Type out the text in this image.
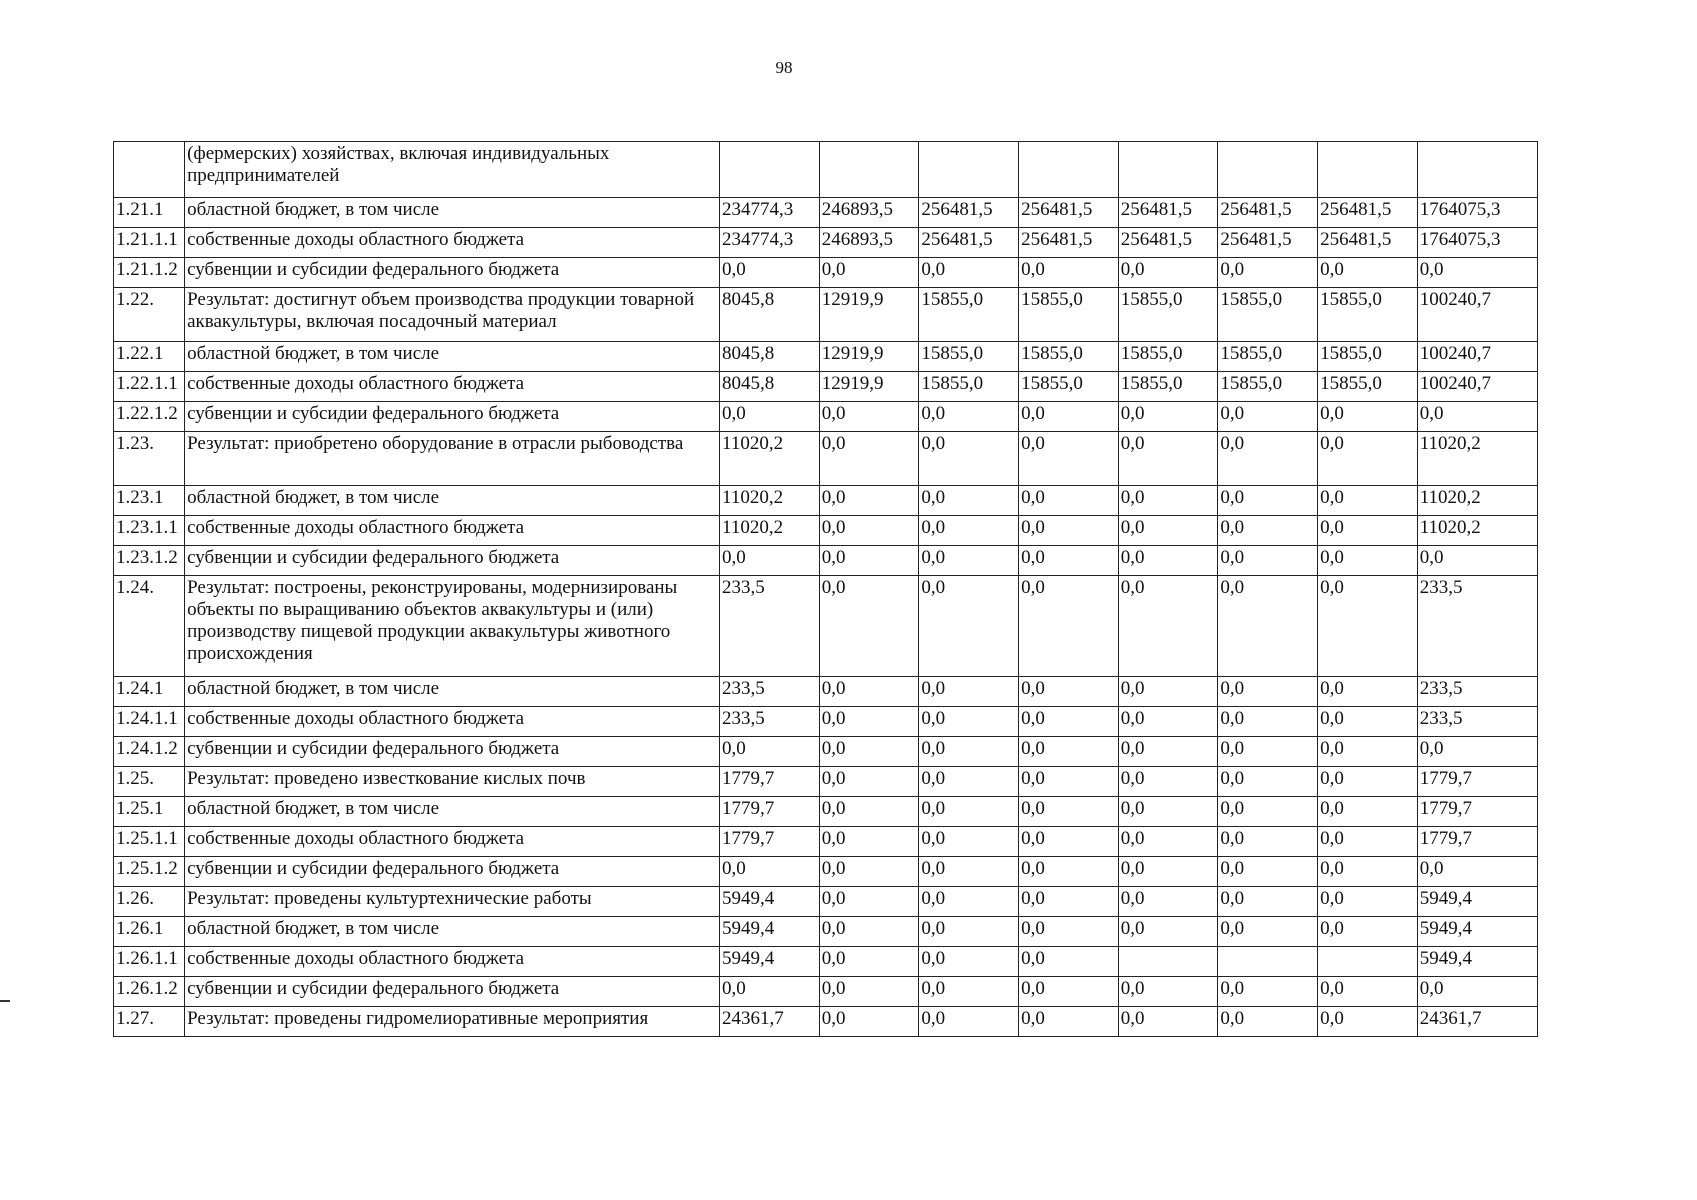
98
	(фермерских) хозяйствах, включая индивидуальных предпринимателей								
1.21.1	областной бюджет, в том числе	234774,3	246893,5	256481,5	256481,5	256481,5	256481,5	256481,5	1764075,3
1.21.1.1	собственные доходы областного бюджета	234774,3	246893,5	256481,5	256481,5	256481,5	256481,5	256481,5	1764075,3
1.21.1.2	субвенции и субсидии федерального бюджета	0,0	0,0	0,0	0,0	0,0	0,0	0,0	0,0
1.22.	Результат: достигнут объем производства продукции товарной аквакультуры, включая посадочный материал	8045,8	12919,9	15855,0	15855,0	15855,0	15855,0	15855,0	100240,7
1.22.1	областной бюджет, в том числе	8045,8	12919,9	15855,0	15855,0	15855,0	15855,0	15855,0	100240,7
1.22.1.1	собственные доходы областного бюджета	8045,8	12919,9	15855,0	15855,0	15855,0	15855,0	15855,0	100240,7
1.22.1.2	субвенции и субсидии федерального бюджета	0,0	0,0	0,0	0,0	0,0	0,0	0,0	0,0
1.23.	Результат: приобретено оборудование в отрасли рыбоводства	11020,2	0,0	0,0	0,0	0,0	0,0	0,0	11020,2
1.23.1	областной бюджет, в том числе	11020,2	0,0	0,0	0,0	0,0	0,0	0,0	11020,2
1.23.1.1	собственные доходы областного бюджета	11020,2	0,0	0,0	0,0	0,0	0,0	0,0	11020,2
1.23.1.2	субвенции и субсидии федерального бюджета	0,0	0,0	0,0	0,0	0,0	0,0	0,0	0,0
1.24.	Результат: построены, реконструированы, модернизированы объекты по выращиванию объектов аквакультуры и (или) производству пищевой продукции аквакультуры животного происхождения	233,5	0,0	0,0	0,0	0,0	0,0	0,0	233,5
1.24.1	областной бюджет, в том числе	233,5	0,0	0,0	0,0	0,0	0,0	0,0	233,5
1.24.1.1	собственные доходы областного бюджета	233,5	0,0	0,0	0,0	0,0	0,0	0,0	233,5
1.24.1.2	субвенции и субсидии федерального бюджета	0,0	0,0	0,0	0,0	0,0	0,0	0,0	0,0
1.25.	Результат: проведено известкование кислых почв	1779,7	0,0	0,0	0,0	0,0	0,0	0,0	1779,7
1.25.1	областной бюджет, в том числе	1779,7	0,0	0,0	0,0	0,0	0,0	0,0	1779,7
1.25.1.1	собственные доходы областного бюджета	1779,7	0,0	0,0	0,0	0,0	0,0	0,0	1779,7
1.25.1.2	субвенции и субсидии федерального бюджета	0,0	0,0	0,0	0,0	0,0	0,0	0,0	0,0
1.26.	Результат: проведены культуртехнические работы	5949,4	0,0	0,0	0,0	0,0	0,0	0,0	5949,4
1.26.1	областной бюджет, в том числе	5949,4	0,0	0,0	0,0	0,0	0,0	0,0	5949,4
1.26.1.1	собственные доходы областного бюджета	5949,4	0,0	0,0	0,0				5949,4
1.26.1.2	субвенции и субсидии федерального бюджета	0,0	0,0	0,0	0,0	0,0	0,0	0,0	0,0
1.27.	Результат: проведены гидромелиоративные мероприятия	24361,7	0,0	0,0	0,0	0,0	0,0	0,0	24361,7
